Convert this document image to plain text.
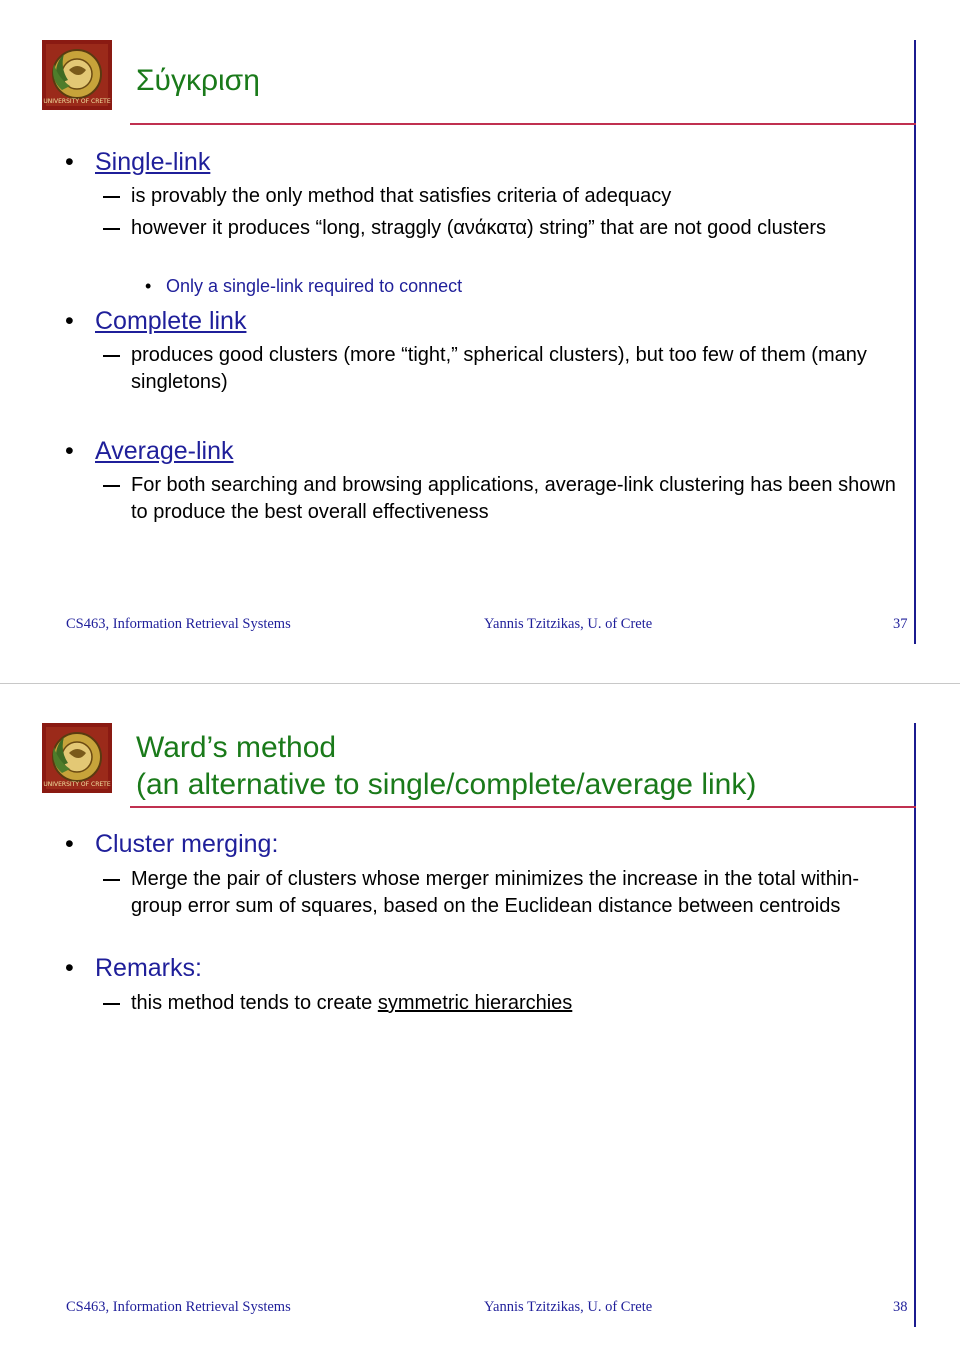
UNIVERSITY OF CRETE
Σύγκριση
• Single-link
is provably the only method that satisfies criteria of adequacy
however it produces “long, straggly (ανάκατα) string” that are not good clusters
• Only a single-link required to connect
• Complete link
produces good clusters (more “tight,” spherical clusters), but too few of them (many singletons)
• Average-link
For both searching and browsing applications, average-link clustering has been shown to produce the best overall effectiveness
CS463, Information Retrieval Systems	Yannis Tzitzikas, U. of Crete	37
UNIVERSITY OF CRETE
Ward’s method
(an alternative to single/complete/average link)
• Cluster merging:
Merge the pair of clusters whose merger minimizes the increase in the total within-group error sum of squares, based on the Euclidean distance between centroids
• Remarks:
this method tends to create symmetric hierarchies
CS463, Information Retrieval Systems	Yannis Tzitzikas, U. of Crete	38
